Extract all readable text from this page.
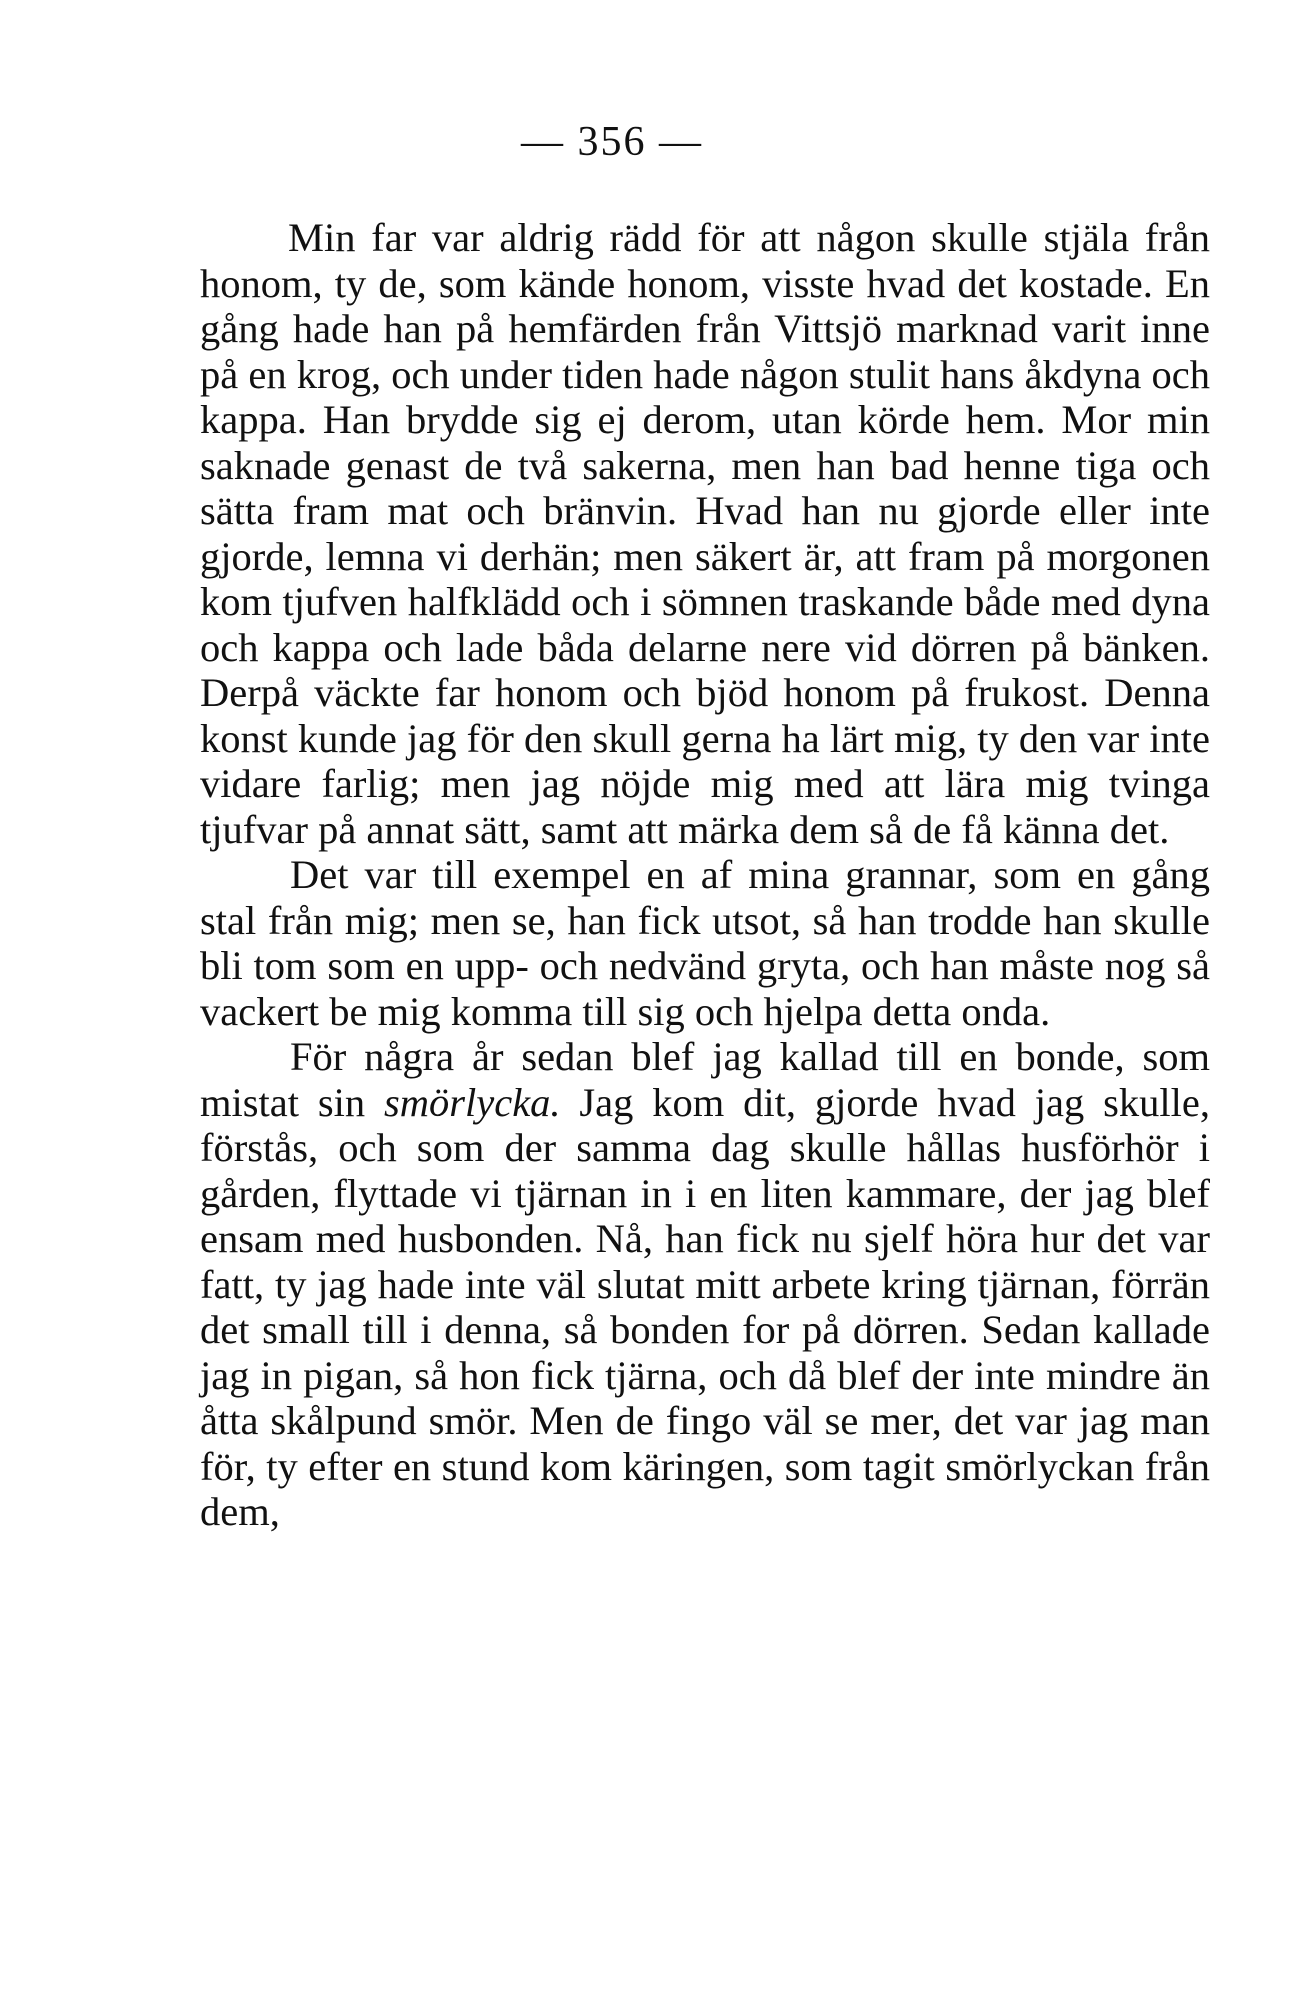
— 356 —

Min far var aldrig rädd för att någon skulle stjäla från honom, ty de, som kände honom, visste hvad det kostade. En gång hade han på hemfärden från Vittsjö marknad varit inne på en krog, och under tiden hade någon stulit hans åkdyna och kappa. Han brydde sig ej derom, utan körde hem. Mor min saknade genast de två sakerna, men han bad henne tiga och sätta fram mat och bränvin. Hvad han nu gjorde eller inte gjorde, lemna vi derhän; men säkert är, att fram på morgonen kom tjufven halfklädd och i sömnen traskande både med dyna och kappa och lade båda delarne nere vid dörren på bänken. Derpå väckte far honom och bjöd honom på frukost. Denna konst kunde jag för den skull gerna ha lärt mig, ty den var inte vidare farlig; men jag nöjde mig med att lära mig tvinga tjufvar på annat sätt, samt att märka dem så de få känna det.

Det var till exempel en af mina grannar, som en gång stal från mig; men se, han fick utsot, så han trodde han skulle bli tom som en upp- och nedvänd gryta, och han måste nog så vackert be mig komma till sig och hjelpa detta onda.

För några år sedan blef jag kallad till en bonde, som mistat sin smörlycka. Jag kom dit, gjorde hvad jag skulle, förstås, och som der samma dag skulle hållas husförhör i gården, flyttade vi tjärnan in i en liten kammare, der jag blef ensam med husbonden. Nå, han fick nu sjelf höra hur det var fatt, ty jag hade inte väl slutat mitt arbete kring tjärnan, förrän det small till i denna, så bonden for på dörren. Sedan kallade jag in pigan, så hon fick tjärna, och då blef der inte mindre än åtta skålpund smör. Men de fingo väl se mer, det var jag man för, ty efter en stund kom käringen, som tagit smörlyckan från dem,
